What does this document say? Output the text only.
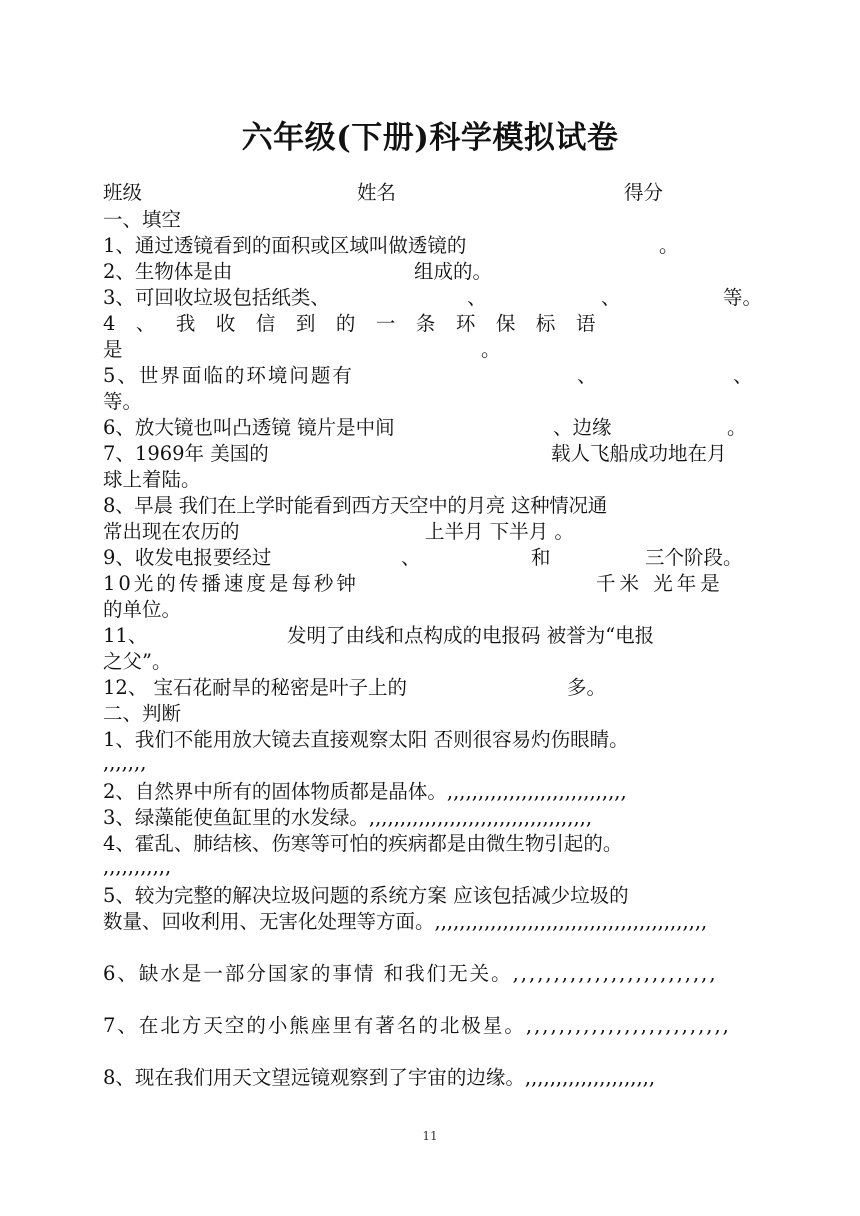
六年级(下册)科学模拟试卷
班级	姓名	得分
一、填空
1、通过透镜看到的面积或区域叫做透镜的	。
2、生物体是由	组成的。
3、可回收垃圾包括纸类、	、	、	等。
4、我收信到的一条环保标语
是	。
5、世界面临的环境问题有	、	、
等。
6、放大镜也叫凸透镜 镜片是中间	、边缘	。
7、1969年 美国的	载人飞船成功地在月
球上着陆。
8、早晨 我们在上学时能看到西方天空中的月亮 这种情况通
常出现在农历的	上半月 下半月 。
9、收发电报要经过	、	和	三个阶段。
10光的传播速度是每秒钟	千米 光年是
的单位。
11、	发明了由线和点构成的电报码 被誉为“电报
之父”。
12、 宝石花耐旱的秘密是叶子上的	多。
二、判断
1、我们不能用放大镜去直接观察太阳 否则很容易灼伤眼睛。
,,,,,,,
2、自然界中所有的固体物质都是晶体。,,,,,,,,,,,,,,,,,,,,,,,,,,,,,
3、绿藻能使鱼缸里的水发绿。,,,,,,,,,,,,,,,,,,,,,,,,,,,,,,,,,,,,
4、霍乱、肺结核、伤寒等可怕的疾病都是由微生物引起的。
,,,,,,,,,,,
5、较为完整的解决垃圾问题的系统方案 应该包括减少垃圾的
数量、回收利用、无害化处理等方面。,,,,,,,,,,,,,,,,,,,,,,,,,,,,,,,,,,,,,,,,,,,,
6、缺水是一部分国家的事情 和我们无关。,,,,,,,,,,,,,,,,,,,,,,,,,
7、在北方天空的小熊座里有著名的北极星。,,,,,,,,,,,,,,,,,,,,,,,,,
8、现在我们用天文望远镜观察到了宇宙的边缘。,,,,,,,,,,,,,,,,,,,,,
11
